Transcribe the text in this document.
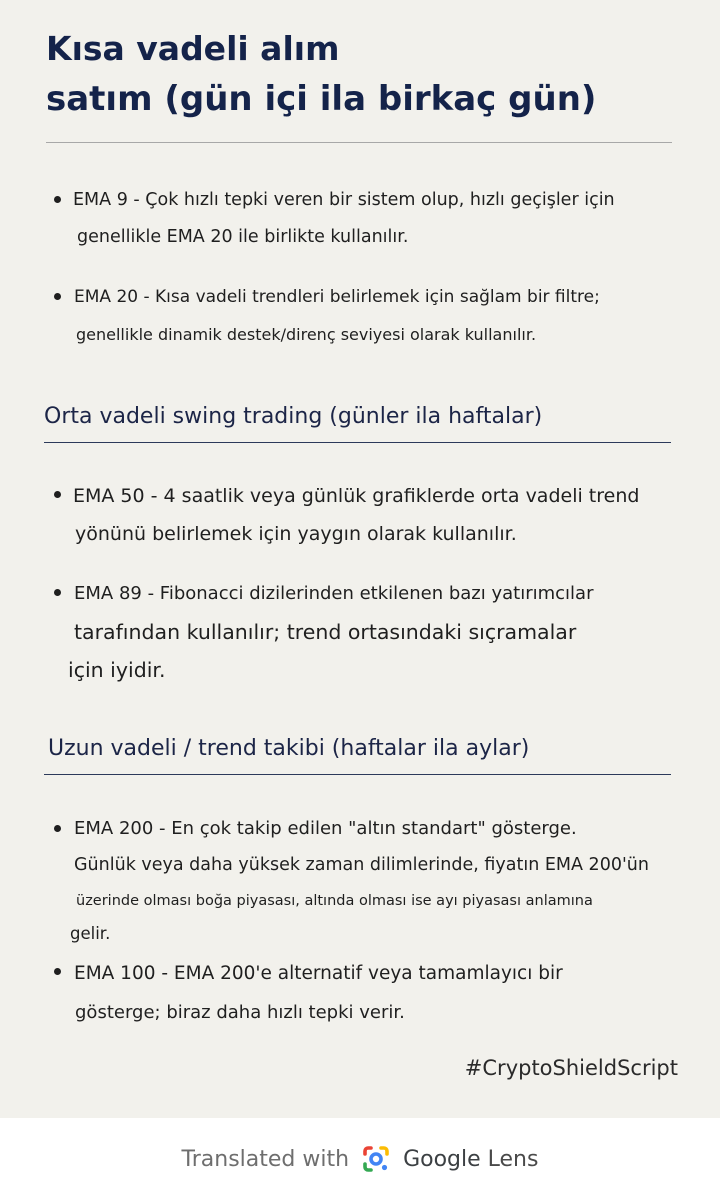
Kısa vadeli alım
satım (gün içi ila birkaç gün)
EMA 9 - Çok hızlı tepki veren bir sistem olup, hızlı geçişler için
genellikle EMA 20 ile birlikte kullanılır.
EMA 20 - Kısa vadeli trendleri belirlemek için sağlam bir filtre;
genellikle dinamik destek/direnç seviyesi olarak kullanılır.
Orta vadeli swing trading (günler ila haftalar)
EMA 50 - 4 saatlik veya günlük grafiklerde orta vadeli trend
yönünü belirlemek için yaygın olarak kullanılır.
EMA 89 - Fibonacci dizilerinden etkilenen bazı yatırımcılar
tarafından kullanılır; trend ortasındaki sıçramalar
için iyidir.
Uzun vadeli / trend takibi (haftalar ila aylar)
EMA 200 - En çok takip edilen "altın standart" gösterge.
Günlük veya daha yüksek zaman dilimlerinde, fiyatın EMA 200'ün
üzerinde olması boğa piyasası, altında olması ise ayı piyasası anlamına
gelir.
EMA 100 - EMA 200'e alternatif veya tamamlayıcı bir
gösterge; biraz daha hızlı tepki verir.
#CryptoShieldScript
Translated with Google Lens
